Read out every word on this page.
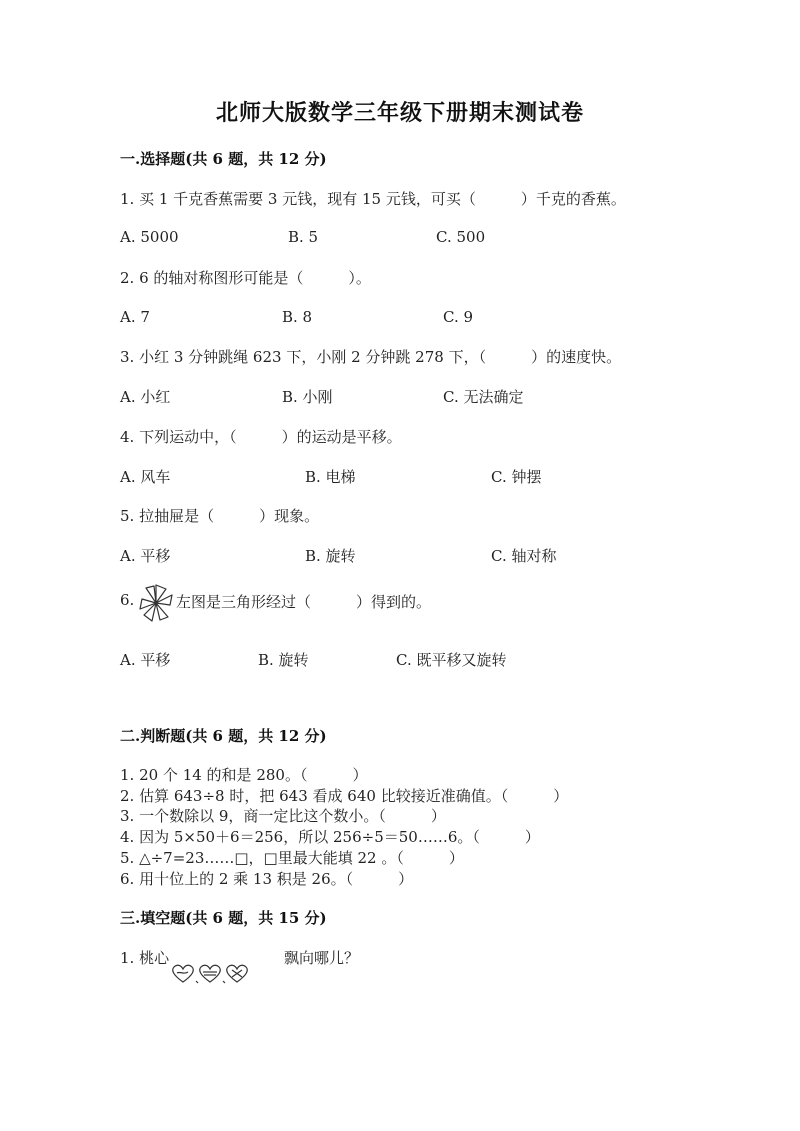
北师大版数学三年级下册期末测试卷
一.选择题(共 6 题，共 12 分)
1. 买 1 千克香蕉需要 3 元钱，现有 15 元钱，可买（　　　）千克的香蕉。
A. 5000	B. 5	C. 500
2. 6 的轴对称图形可能是（　　　）。
A. 7	B. 8	C. 9
3. 小红 3 分钟跳绳 623 下，小刚 2 分钟跳 278 下，（　　　）的速度快。
A. 小红	B. 小刚	C. 无法确定
4. 下列运动中，（　　　）的运动是平移。
A. 风车	B. 电梯	C. 钟摆
5. 拉抽屉是（　　　）现象。
A. 平移	B. 旋转	C. 轴对称
6.	左图是三角形经过（　　　）得到的。
A. 平移	B. 旋转	C. 既平移又旋转
二.判断题(共 6 题，共 12 分)
1. 20 个 14 的和是 280。（　　　）
2. 估算 643÷8 时，把 643 看成 640 比较接近准确值。（　　　）
3. 一个数除以 9，商一定比这个数小。（　　　）
4. 因为 5×50＋6＝256，所以 256÷5＝50……6。（　　　）
5. △÷7=23……□，□里最大能填 22 。（　　　）
6. 用十位上的 2 乘 13 积是 26。（　　　）
三.填空题(共 6 题，共 15 分)
1. 桃心	飘向哪儿？
